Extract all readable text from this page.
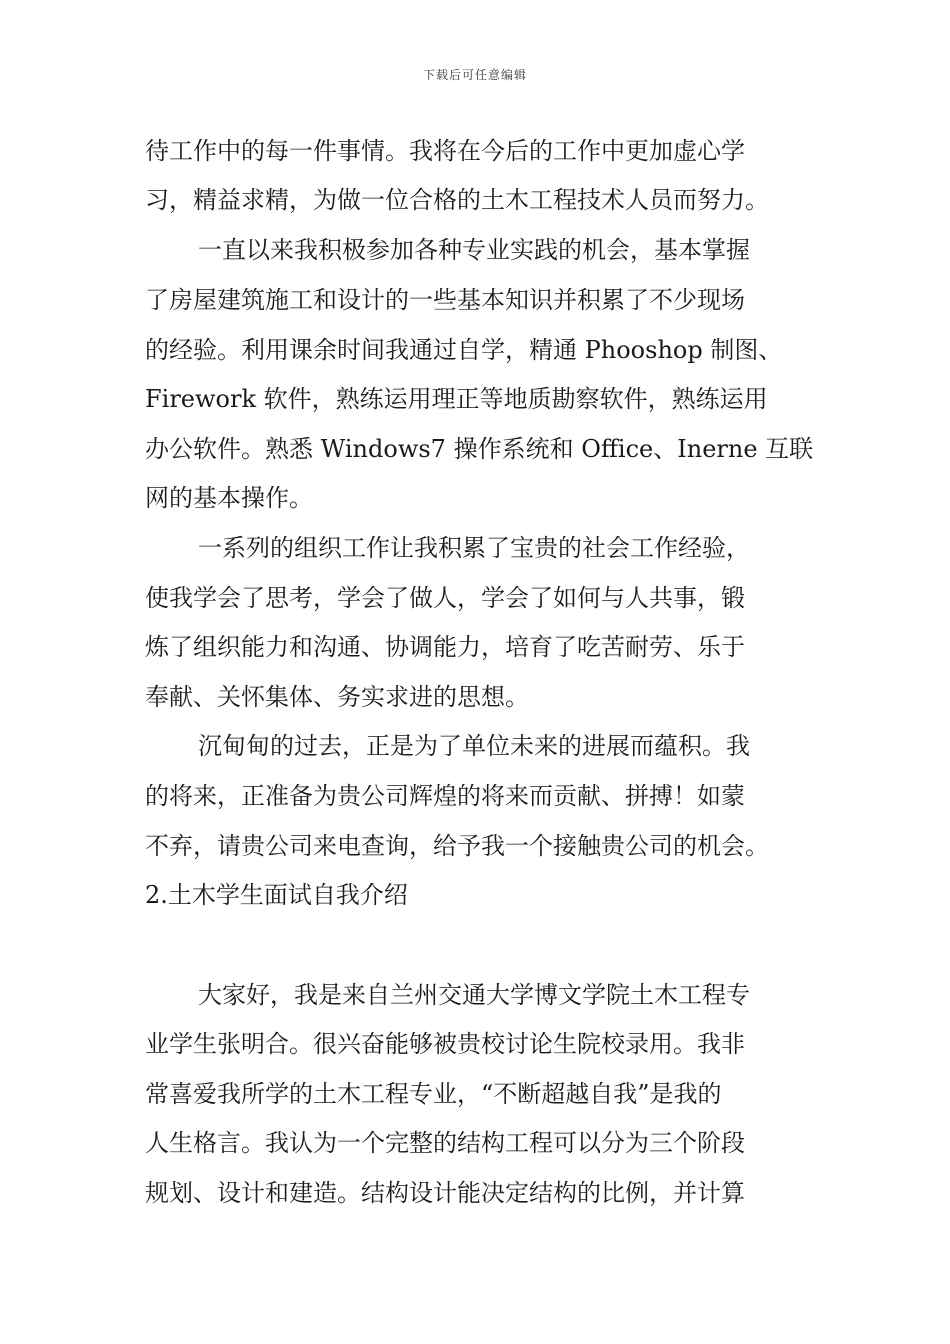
下载后可任意编辑
待工作中的每一件事情。我将在今后的工作中更加虚心学
习，精益求精，为做一位合格的土木工程技术人员而努力。
一直以来我积极参加各种专业实践的机会，基本掌握
了房屋建筑施工和设计的一些基本知识并积累了不少现场
的经验。利用课余时间我通过自学，精通 Phooshop 制图、
Firework 软件，熟练运用理正等地质勘察软件，熟练运用
办公软件。熟悉 Windows7 操作系统和 Office、Inerne 互联
网的基本操作。
一系列的组织工作让我积累了宝贵的社会工作经验，
使我学会了思考，学会了做人，学会了如何与人共事，锻
炼了组织能力和沟通、协调能力，培育了吃苦耐劳、乐于
奉献、关怀集体、务实求进的思想。
沉甸甸的过去，正是为了单位未来的进展而蕴积。我
的将来，正准备为贵公司辉煌的将来而贡献、拼搏！如蒙
不弃，请贵公司来电查询，给予我一个接触贵公司的机会。
2.土木学生面试自我介绍
大家好，我是来自兰州交通大学博文学院土木工程专
业学生张明合。很兴奋能够被贵校讨论生院校录用。我非
常喜爱我所学的土木工程专业，“不断超越自我”是我的
人生格言。我认为一个完整的结构工程可以分为三个阶段
规划、设计和建造。结构设计能决定结构的比例，并计算
